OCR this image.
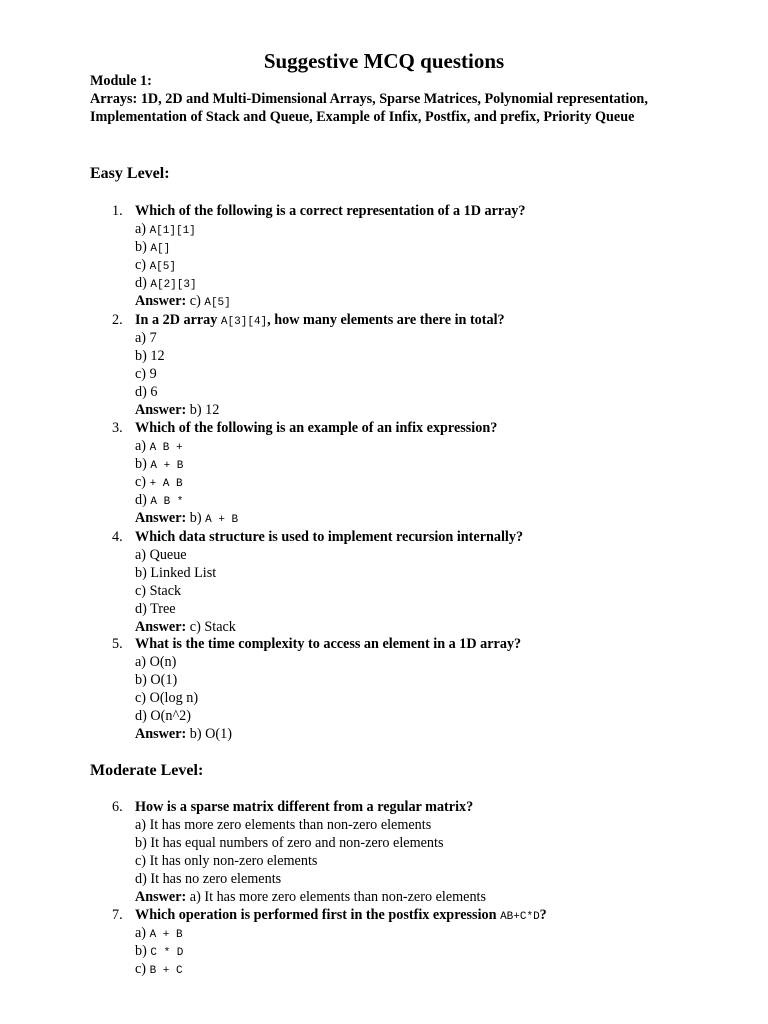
Suggestive MCQ questions
Module 1:
Arrays: 1D, 2D and Multi-Dimensional Arrays, Sparse Matrices, Polynomial representation, Implementation of Stack and Queue, Example of Infix, Postfix, and prefix, Priority Queue
Easy Level:
Moderate Level:
1. Which of the following is a correct representation of a 1D array?
a) A[1][1]
b) A[]
c) A[5]
d) A[2][3]
Answer: c) A[5]
2. In a 2D array A[3][4], how many elements are there in total?
a) 7
b) 12
c) 9
d) 6
Answer: b) 12
3. Which of the following is an example of an infix expression?
a) A B +
b) A + B
c) + A B
d) A B *
Answer: b) A + B
4. Which data structure is used to implement recursion internally?
a) Queue
b) Linked List
c) Stack
d) Tree
Answer: c) Stack
5. What is the time complexity to access an element in a 1D array?
a) O(n)
b) O(1)
c) O(log n)
d) O(n^2)
Answer: b) O(1)
6. How is a sparse matrix different from a regular matrix?
a) It has more zero elements than non-zero elements
b) It has equal numbers of zero and non-zero elements
c) It has only non-zero elements
d) It has no zero elements
Answer: a) It has more zero elements than non-zero elements
7. Which operation is performed first in the postfix expression AB+C*D?
a) A + B
b) C * D
c) B + C
